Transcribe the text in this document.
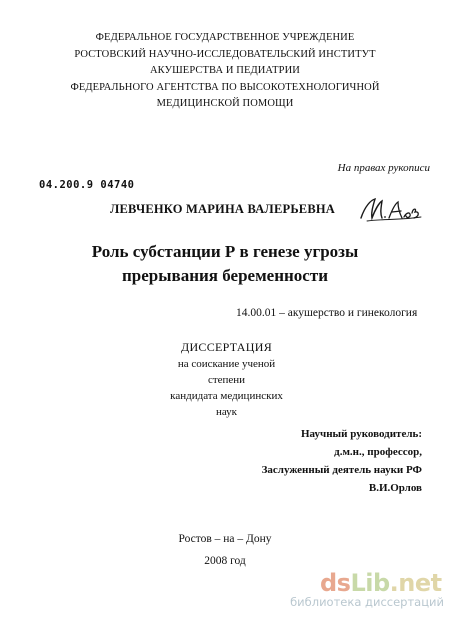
ФЕДЕРАЛЬНОЕ ГОСУДАРСТВЕННОЕ УЧРЕЖДЕНИЕ
РОСТОВСКИЙ НАУЧНО-ИССЛЕДОВАТЕЛЬСКИЙ ИНСТИТУТ
АКУШЕРСТВА И ПЕДИАТРИИ
ФЕДЕРАЛЬНОГО АГЕНТСТВА ПО ВЫСОКОТЕХНОЛОГИЧНОЙ
МЕДИЦИНСКОЙ ПОМОЩИ
На правах рукописи
04.200.9 04740
ЛЕВЧЕНКО МАРИНА ВАЛЕРЬЕВНА
Роль субстанции Р в генезе угрозы
прерывания беременности
14.00.01 – акушерство и гинекология
ДИССЕРТАЦИЯ
на соискание ученой степени
кандидата медицинских наук
Научный руководитель:
д.м.н., профессор,
Заслуженный деятель науки РФ
В.И.Орлов
Ростов – на – Дону
2008 год
dsLib.net
библиотека диссертаций
